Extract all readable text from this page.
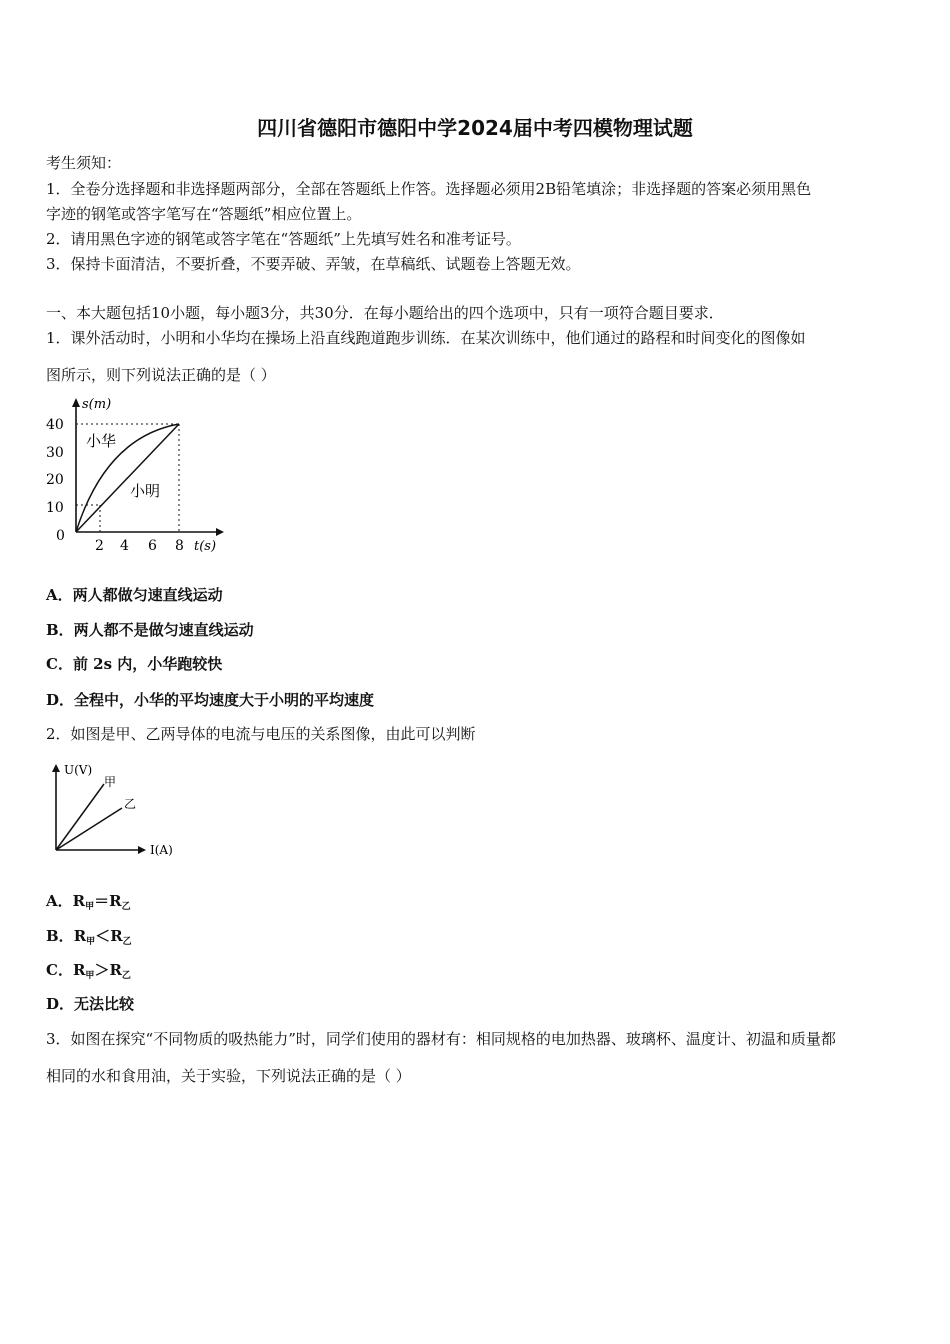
四川省德阳市德阳中学2024届中考四模物理试题
考生须知：
1．全卷分选择题和非选择题两部分，全部在答题纸上作答。选择题必须用2B铅笔填涂；非选择题的答案必须用黑色
字迹的钢笔或答字笔写在“答题纸”相应位置上。
2．请用黑色字迹的钢笔或答字笔在“答题纸”上先填写姓名和准考证号。
3．保持卡面清洁，不要折叠，不要弄破、弄皱，在草稿纸、试题卷上答题无效。
一、本大题包括10小题，每小题3分，共30分．在每小题给出的四个选项中，只有一项符合题目要求．
1．课外活动时，小明和小华均在操场上沿直线跑道跑步训练．在某次训练中，他们通过的路程和时间变化的图像如
图所示，则下列说法正确的是（ ）
s(m)
40
30
20
10
0
2 4 6 8 t(s)
小华
小明
A．两人都做匀速直线运动
B．两人都不是做匀速直线运动
C．前 2s 内，小华跑较快
D．全程中，小华的平均速度大于小明的平均速度
2．如图是甲、乙两导体的电流与电压的关系图像，由此可以判断
U(V)
I(A)
甲
乙
A．$R_甲=R_乙$
B．$R_甲<R_乙$
C．$R_甲>R_乙$
D．无法比较
3．如图在探究“不同物质的吸热能力”时，同学们使用的器材有：相同规格的电加热器、玻璃杯、温度计、初温和质量都
相同的水和食用油，关于实验，下列说法正确的是（ ）
